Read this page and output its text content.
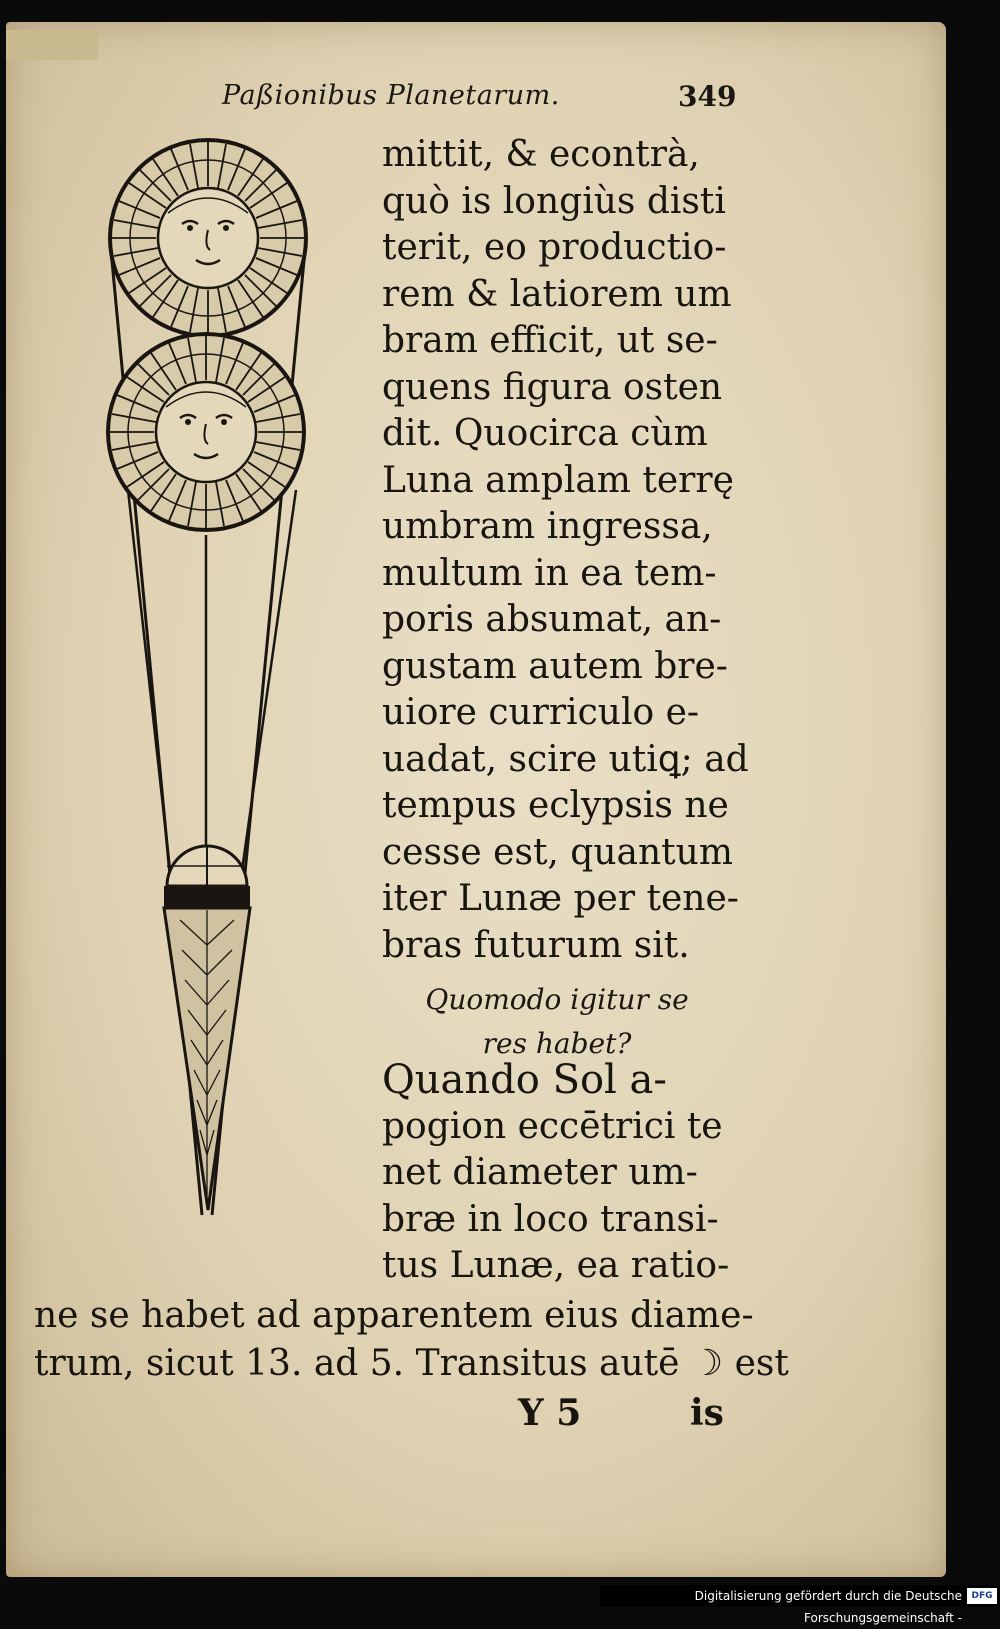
Paßionibus Planetarum.	349
mittit, & econtrà,
quò is longiùs disti
terit, eo productio-
rem & latiorem um
bram efficit, ut se-
quens figura osten
dit. Quocirca cùm
Luna amplam terrę
umbram ingressa,
multum in ea tem-
poris absumat, an-
gustam autem bre-
uiore curriculo e-
uadat, scire utiꝗ; ad
tempus eclypsis ne
cesse est, quantum
iter Lunæ per tene-
bras futurum sit.
Quomodo igitur se
res habet?
Quando Sol a-
pogion eccētrici te
net diameter um-
bræ in loco transi-
tus Lunæ, ea ratio-
ne se habet ad apparentem eius diame-
trum, sicut 13. ad 5. Transitus autē ☽ est
Y 5	is
Digitalisierung gefördert durch die Deutsche Forschungsgemeinschaft -
DFG
